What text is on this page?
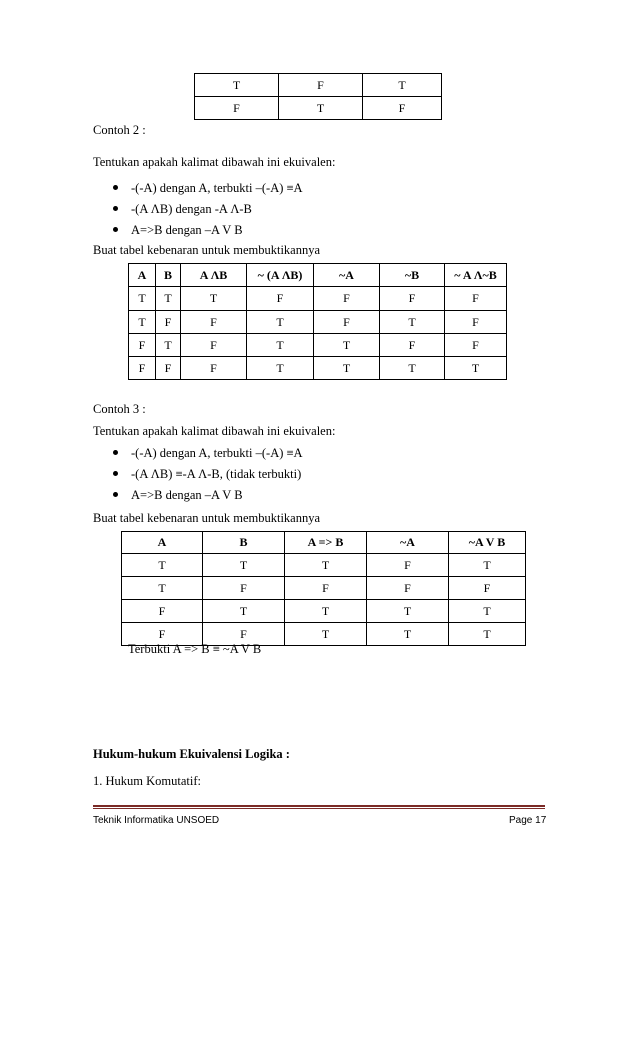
T	F	T
F	T	F
Contoh 2 :
Tentukan apakah kalimat dibawah ini ekuivalen:
-(-A) dengan A, terbukti –(-A) ≡A
-(A ΛB) dengan -A Λ-B
A=>B dengan –A V B
Buat tabel kebenaran untuk membuktikannya
A	B	A ΛB	~ (A ΛB)	~A	~B	~ A Λ~B
T	T	T	F	F	F	F
T	F	F	T	F	T	F
F	T	F	T	T	F	F
F	F	F	T	T	T	T
Contoh 3 :
Tentukan apakah kalimat dibawah ini ekuivalen:
-(-A) dengan A, terbukti –(-A) ≡A
-(A ΛB) ≡-A Λ-B, (tidak terbukti)
A=>B dengan –A V B
Buat tabel kebenaran untuk membuktikannya
A	B	A => B	~A	~A V B
T	T	T	F	T
T	F	F	F	F
F	T	T	T	T
F	F	T	T	T
Terbukti A => B ≡ ~A V B
Hukum-hukum Ekuivalensi Logika :
1. Hukum Komutatif:
Teknik Informatika UNSOED	Page 17
